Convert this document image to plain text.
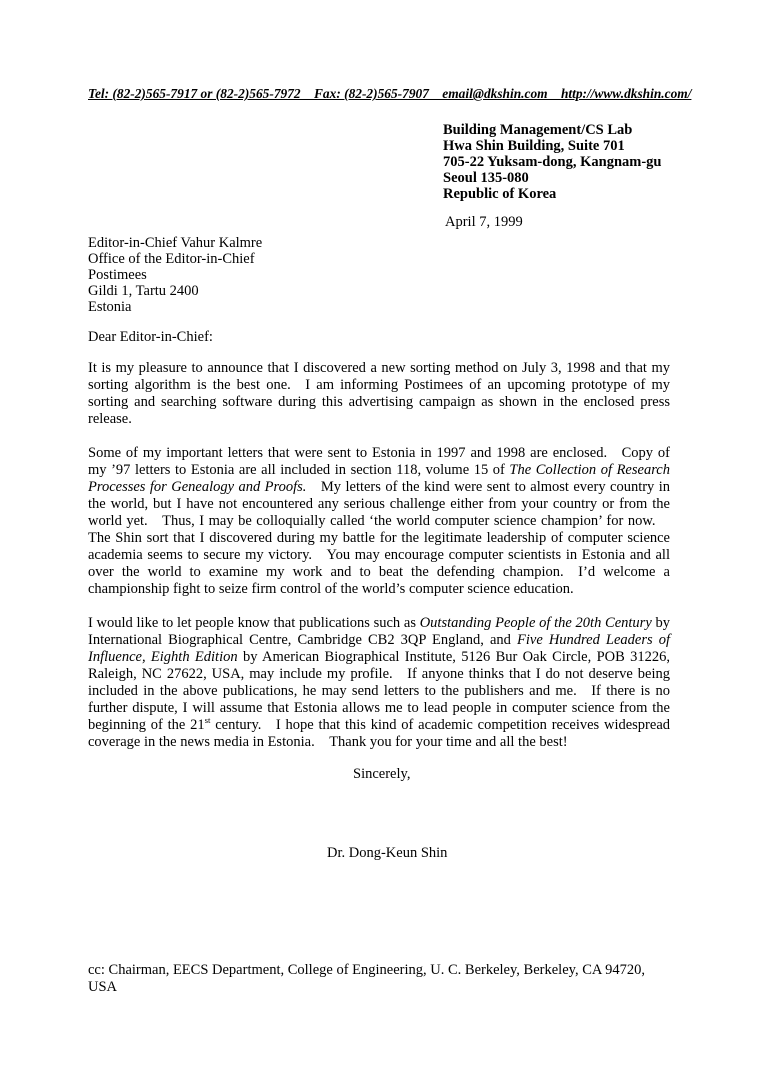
Tel: (82-2)565-7917 or (82-2)565-7972  Fax: (82-2)565-7907  email@dkshin.com  http://www.dkshin.com/
Building Management/CS Lab
Hwa Shin Building, Suite 701
705-22 Yuksam-dong, Kangnam-gu
Seoul 135-080
Republic of Korea
April 7, 1999
Editor-in-Chief Vahur Kalmre
Office of the Editor-in-Chief
Postimees
Gildi 1, Tartu 2400
Estonia
Dear Editor-in-Chief:

It is my pleasure to announce that I discovered a new sorting method on July 3, 1998 and that my sorting algorithm is the best one.  I am informing Postimees of an upcoming prototype of my sorting and searching software during this advertising campaign as shown in the enclosed press release.

Some of my important letters that were sent to Estonia in 1997 and 1998 are enclosed.  Copy of my ’97 letters to Estonia are all included in section 118, volume 15 of The Collection of Research Processes for Genealogy and Proofs.  My letters of the kind were sent to almost every country in the world, but I have not encountered any serious challenge either from your country or from the world yet.  Thus, I may be colloquially called ‘the world computer science champion’ for now.  The Shin sort that I discovered during my battle for the legitimate leadership of computer science academia seems to secure my victory.  You may encourage computer scientists in Estonia and all over the world to examine my work and to beat the defending champion.  I’d welcome a championship fight to seize firm control of the world’s computer science education.

I would like to let people know that publications such as Outstanding People of the 20th Century by International Biographical Centre, Cambridge CB2 3QP England, and Five Hundred Leaders of Influence, Eighth Edition by American Biographical Institute, 5126 Bur Oak Circle, POB 31226, Raleigh, NC 27622, USA, may include my profile.  If anyone thinks that I do not deserve being included in the above publications, he may send letters to the publishers and me.  If there is no further dispute, I will assume that Estonia allows me to lead people in computer science from the beginning of the 21st century.  I hope that this kind of academic competition receives widespread coverage in the news media in Estonia.  Thank you for your time and all the best!

Sincerely,
Dr. Dong-Keun Shin
cc: Chairman, EECS Department, College of Engineering, U. C. Berkeley, Berkeley, CA 94720, USA
